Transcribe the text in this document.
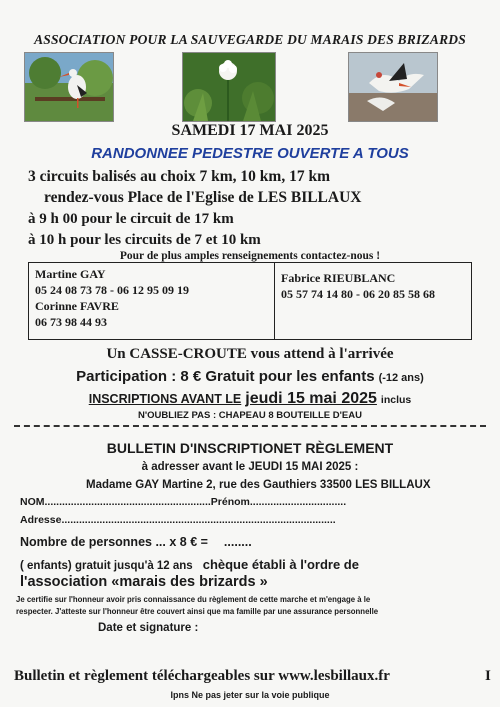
ASSOCIATION POUR LA SAUVEGARDE DU MARAIS DES BRIZARDS
SAMEDI 17 MAI 2025
RANDONNEE PEDESTRE OUVERTE A TOUS
3 circuits balisés au choix 7 km, 10 km, 17 km
rendez-vous Place de l'Eglise de LES BILLAUX
à 9 h 00 pour le circuit de 17 km
à 10 h pour les circuits de 7 et 10 km
Pour de plus amples renseignements contactez-nous !
Martine GAY
05 24 08 73 78 - 06 12 95 09 19
Corinne FAVRE
06 73 98 44 93
Fabrice RIEUBLANC
05 57 74 14 80 - 06 20 85 58 68
Un CASSE-CROUTE vous attend à l'arrivée
Participation : 8 € Gratuit pour les enfants (-12 ans)
INSCRIPTIONS AVANT LE jeudi 15 mai 2025 inclus
N'OUBLIEZ PAS : CHAPEAU 8 BOUTEILLE D'EAU
BULLETIN D'INSCRIPTIONET RÈGLEMENT
à adresser avant le JEUDI 15 MAI 2025 :
Madame GAY Martine 2, rue des Gauthiers 33500 LES BILLAUX
NOM.........................................................Prénom.................................
Adresse..............................................................................................
Nombre de personnes ... x 8 € = ........
( enfants) gratuit jusqu'à 12 ans chèque établi à l'ordre de
l'association «marais des brizards »
Je certifie sur l'honneur avoir pris connaissance du règlement de cette marche et m'engage à le
respecter. J'atteste sur l'honneur être couvert ainsi que ma famille par une assurance personnelle
Date et signature :
Bulletin et règlement téléchargeables sur www.lesbillaux.fr	I
Ipns Ne pas jeter sur la voie publique
